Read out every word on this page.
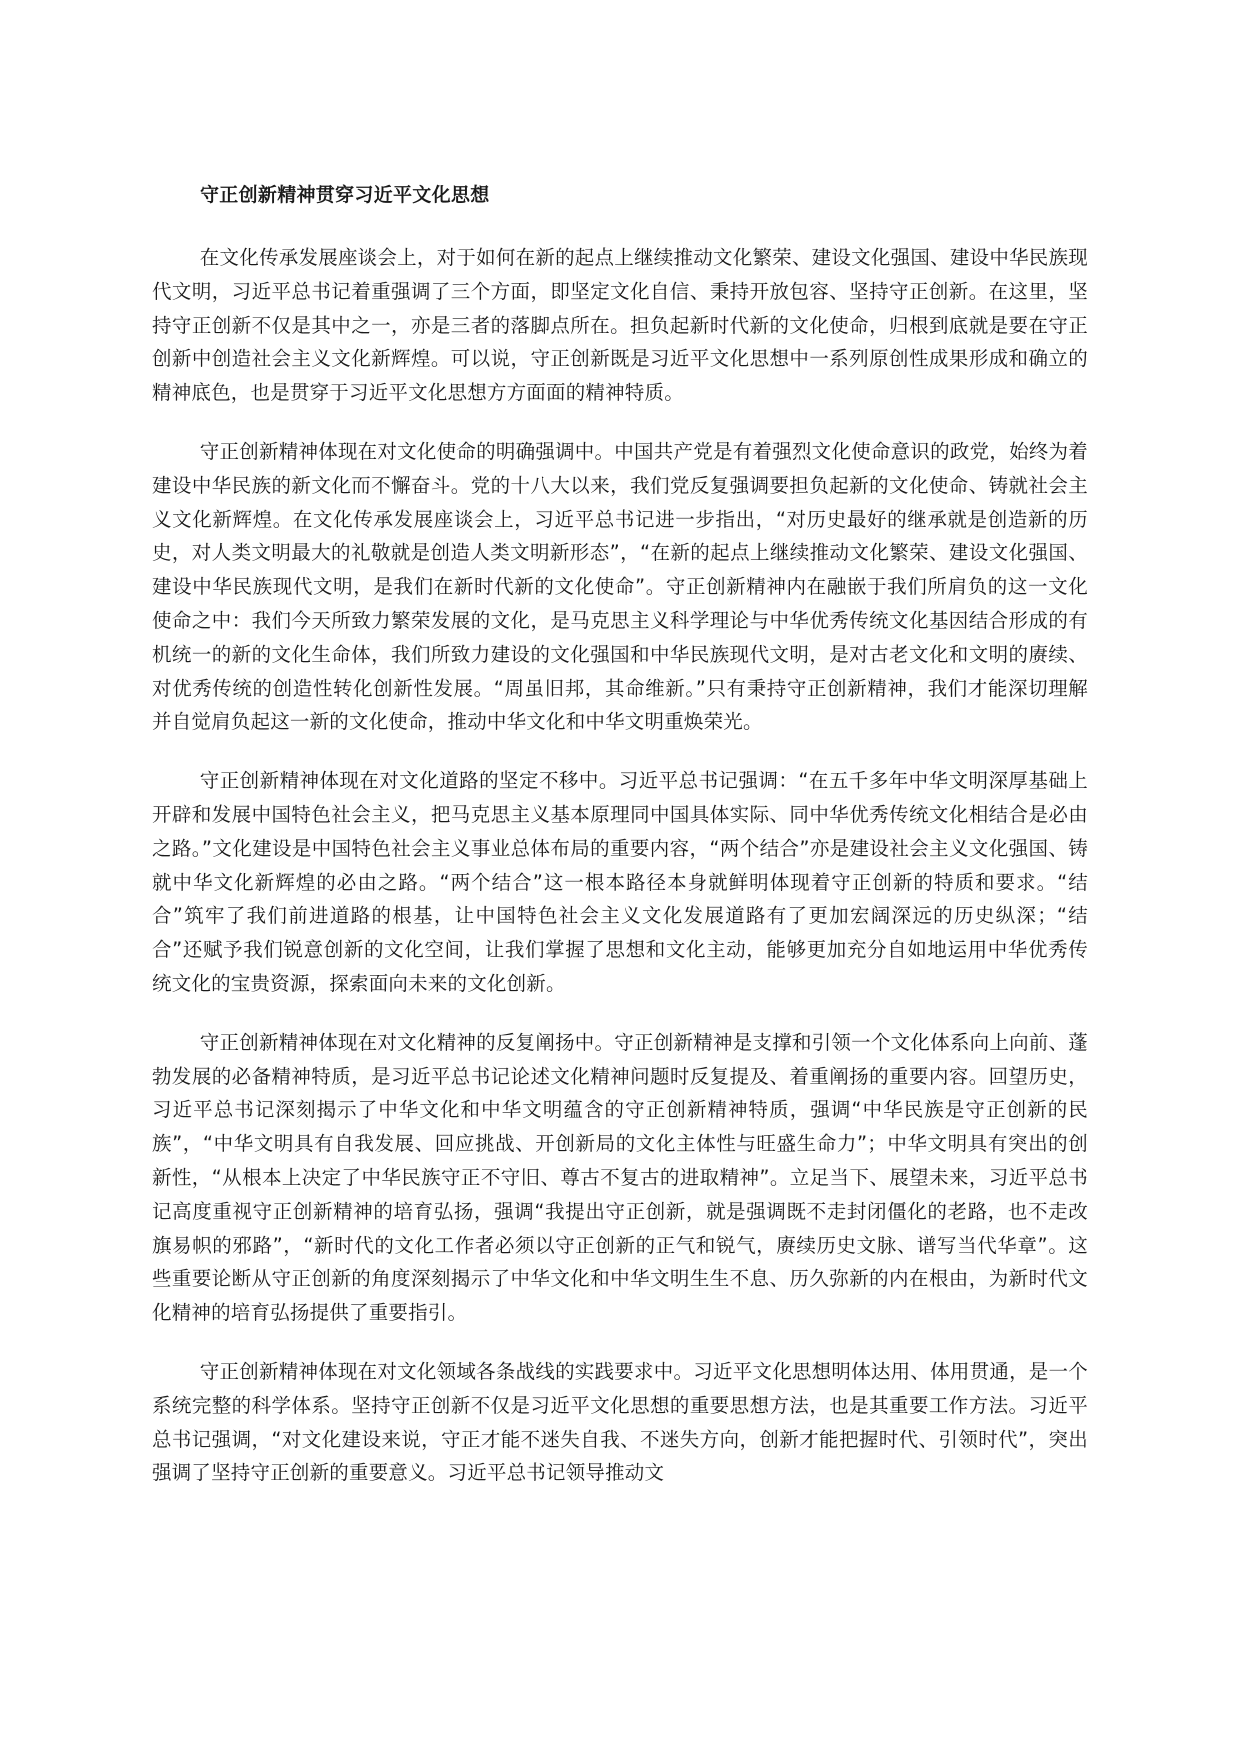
守正创新精神贯穿习近平文化思想

在文化传承发展座谈会上，对于如何在新的起点上继续推动文化繁荣、建设文化强国、建设中华民族现代文明，习近平总书记着重强调了三个方面，即坚定文化自信、秉持开放包容、坚持守正创新。在这里，坚持守正创新不仅是其中之一，亦是三者的落脚点所在。担负起新时代新的文化使命，归根到底就是要在守正创新中创造社会主义文化新辉煌。可以说，守正创新既是习近平文化思想中一系列原创性成果形成和确立的精神底色，也是贯穿于习近平文化思想方方面面的精神特质。

守正创新精神体现在对文化使命的明确强调中。中国共产党是有着强烈文化使命意识的政党，始终为着建设中华民族的新文化而不懈奋斗。党的十八大以来，我们党反复强调要担负起新的文化使命、铸就社会主义文化新辉煌。在文化传承发展座谈会上，习近平总书记进一步指出，“对历史最好的继承就是创造新的历史，对人类文明最大的礼敬就是创造人类文明新形态”，“在新的起点上继续推动文化繁荣、建设文化强国、建设中华民族现代文明，是我们在新时代新的文化使命”。守正创新精神内在融嵌于我们所肩负的这一文化使命之中：我们今天所致力繁荣发展的文化，是马克思主义科学理论与中华优秀传统文化基因结合形成的有机统一的新的文化生命体，我们所致力建设的文化强国和中华民族现代文明，是对古老文化和文明的赓续、对优秀传统的创造性转化创新性发展。“周虽旧邦，其命维新。”只有秉持守正创新精神，我们才能深切理解并自觉肩负起这一新的文化使命，推动中华文化和中华文明重焕荣光。

守正创新精神体现在对文化道路的坚定不移中。习近平总书记强调：“在五千多年中华文明深厚基础上开辟和发展中国特色社会主义，把马克思主义基本原理同中国具体实际、同中华优秀传统文化相结合是必由之路。”文化建设是中国特色社会主义事业总体布局的重要内容，“两个结合”亦是建设社会主义文化强国、铸就中华文化新辉煌的必由之路。“两个结合”这一根本路径本身就鲜明体现着守正创新的特质和要求。“结合”筑牢了我们前进道路的根基，让中国特色社会主义文化发展道路有了更加宏阔深远的历史纵深；“结合”还赋予我们锐意创新的文化空间，让我们掌握了思想和文化主动，能够更加充分自如地运用中华优秀传统文化的宝贵资源，探索面向未来的文化创新。

守正创新精神体现在对文化精神的反复阐扬中。守正创新精神是支撑和引领一个文化体系向上向前、蓬勃发展的必备精神特质，是习近平总书记论述文化精神问题时反复提及、着重阐扬的重要内容。回望历史，习近平总书记深刻揭示了中华文化和中华文明蕴含的守正创新精神特质，强调“中华民族是守正创新的民族”，“中华文明具有自我发展、回应挑战、开创新局的文化主体性与旺盛生命力”；中华文明具有突出的创新性，“从根本上决定了中华民族守正不守旧、尊古不复古的进取精神”。立足当下、展望未来，习近平总书记高度重视守正创新精神的培育弘扬，强调“我提出守正创新，就是强调既不走封闭僵化的老路，也不走改旗易帜的邪路”，“新时代的文化工作者必须以守正创新的正气和锐气，赓续历史文脉、谱写当代华章”。这些重要论断从守正创新的角度深刻揭示了中华文化和中华文明生生不息、历久弥新的内在根由，为新时代文化精神的培育弘扬提供了重要指引。

守正创新精神体现在对文化领域各条战线的实践要求中。习近平文化思想明体达用、体用贯通，是一个系统完整的科学体系。坚持守正创新不仅是习近平文化思想的重要思想方法，也是其重要工作方法。习近平总书记强调，“对文化建设来说，守正才能不迷失自我、不迷失方向，创新才能把握时代、引领时代”，突出强调了坚持守正创新的重要意义。习近平总书记领导推动文
